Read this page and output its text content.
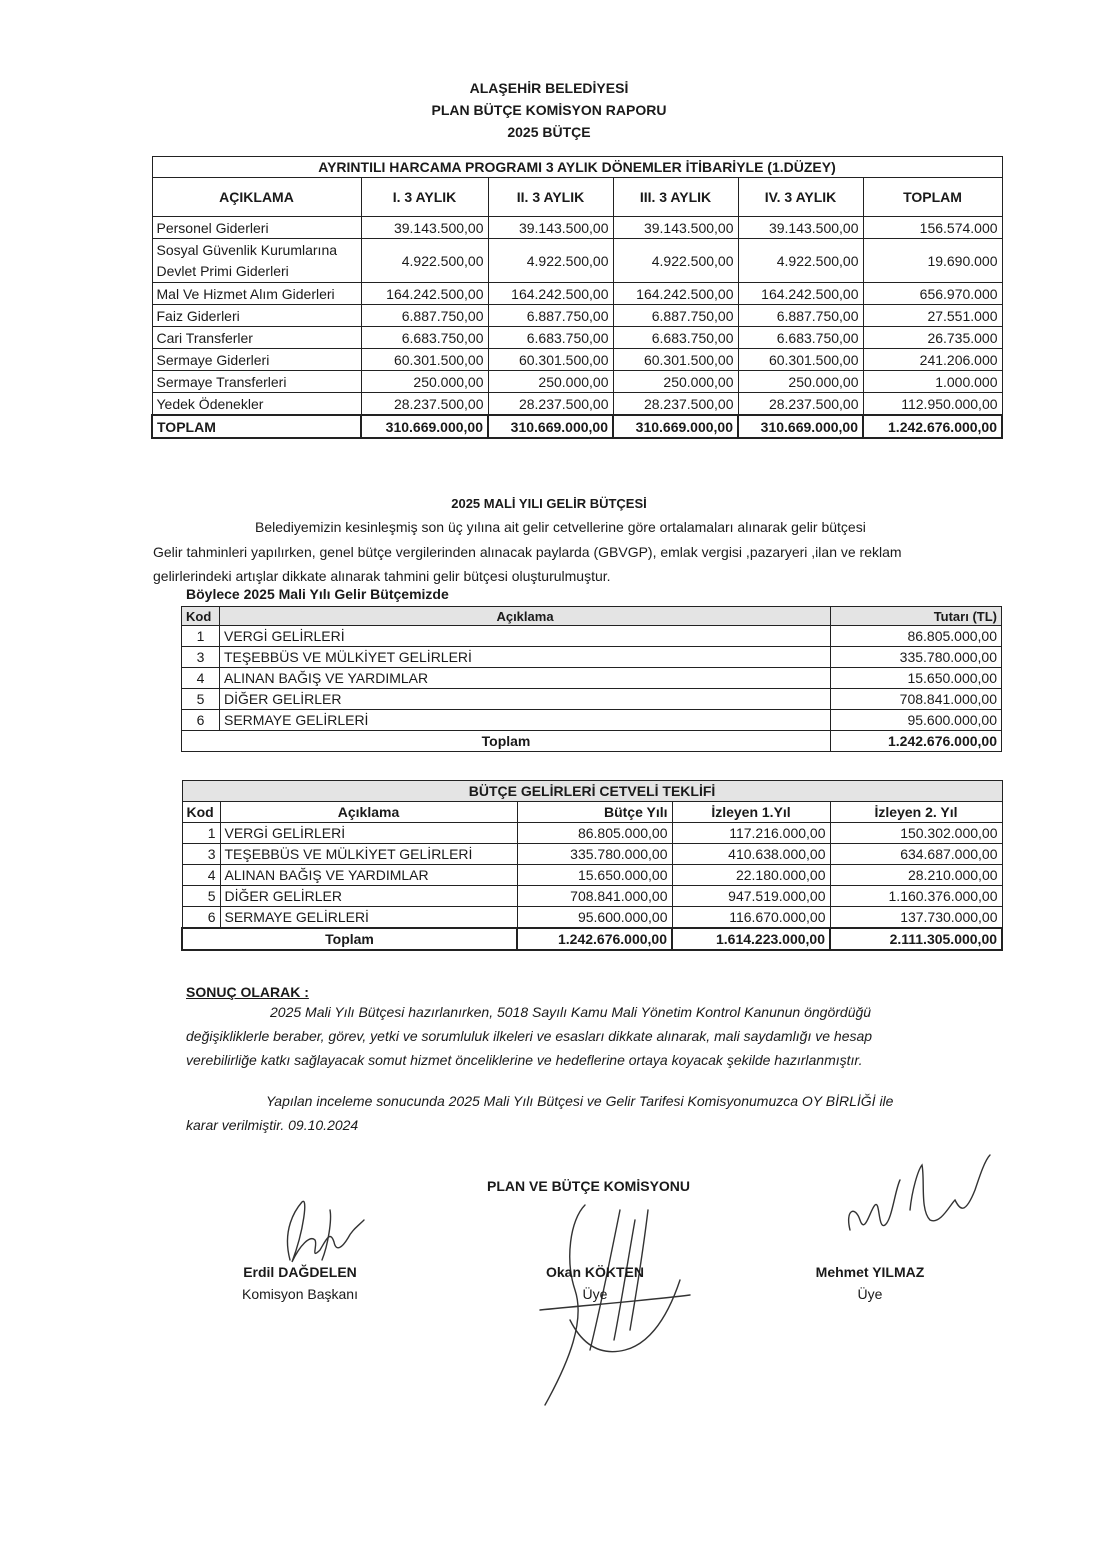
ALAŞEHİR BELEDİYESİ
PLAN BÜTÇE KOMİSYON RAPORU
2025 BÜTÇE
AYRINTILI HARCAMA PROGRAMI 3 AYLIK DÖNEMLER İTİBARİYLE (1.DÜZEY)					
AÇIKLAMA	I. 3 AYLIK	II. 3 AYLIK	III. 3 AYLIK	IV. 3 AYLIK	TOPLAM
Personel Giderleri	39.143.500,00	39.143.500,00	39.143.500,00	39.143.500,00	156.574.000
Sosyal Güvenlik Kurumlarına Devlet Primi Giderleri	4.922.500,00	4.922.500,00	4.922.500,00	4.922.500,00	19.690.000
Mal Ve Hizmet Alım Giderleri	164.242.500,00	164.242.500,00	164.242.500,00	164.242.500,00	656.970.000
Faiz Giderleri	6.887.750,00	6.887.750,00	6.887.750,00	6.887.750,00	27.551.000
Cari Transferler	6.683.750,00	6.683.750,00	6.683.750,00	6.683.750,00	26.735.000
Sermaye Giderleri	60.301.500,00	60.301.500,00	60.301.500,00	60.301.500,00	241.206.000
Sermaye Transferleri	250.000,00	250.000,00	250.000,00	250.000,00	1.000.000
Yedek Ödenekler	28.237.500,00	28.237.500,00	28.237.500,00	28.237.500,00	112.950.000,00
TOPLAM	310.669.000,00	310.669.000,00	310.669.000,00	310.669.000,00	1.242.676.000,00
2025 MALİ YILI GELİR BÜTÇESİ
Belediyemizin kesinleşmiş son üç yılına ait gelir cetvellerine göre ortalamaları alınarak gelir bütçesi
Gelir tahminleri yapılırken, genel bütçe vergilerinden alınacak paylarda (GBVGP), emlak vergisi ,pazaryeri ,ilan ve reklam
gelirlerindeki artışlar dikkate alınarak tahmini gelir bütçesi oluşturulmuştur.
Böylece 2025 Mali Yılı Gelir Bütçemizde
Kod	Açıklama	Tutarı (TL)
1	VERGİ GELİRLERİ	86.805.000,00
3	TEŞEBBÜS VE MÜLKİYET GELİRLERİ	335.780.000,00
4	ALINAN BAĞIŞ VE YARDIMLAR	15.650.000,00
5	DİĞER GELİRLER	708.841.000,00
6	SERMAYE GELİRLERİ	95.600.000,00
Toplam		1.242.676.000,00
BÜTÇE GELİRLERİ CETVELİ TEKLİFİ				
Kod	Açıklama	Bütçe Yılı	İzleyen 1.Yıl	İzleyen 2. Yıl
1	VERGİ GELİRLERİ	86.805.000,00	117.216.000,00	150.302.000,00
3	TEŞEBBÜS VE MÜLKİYET GELİRLERİ	335.780.000,00	410.638.000,00	634.687.000,00
4	ALINAN BAĞIŞ VE YARDIMLAR	15.650.000,00	22.180.000,00	28.210.000,00
5	DİĞER GELİRLER	708.841.000,00	947.519.000,00	1.160.376.000,00
6	SERMAYE GELİRLERİ	95.600.000,00	116.670.000,00	137.730.000,00
Toplam		1.242.676.000,00	1.614.223.000,00	2.111.305.000,00
SONUÇ OLARAK :
2025 Mali Yılı Bütçesi hazırlanırken, 5018 Sayılı Kamu Mali Yönetim Kontrol Kanunun öngördüğü
değişikliklerle beraber, görev, yetki ve sorumluluk ilkeleri ve esasları dikkate alınarak, mali saydamlığı ve hesap
verebilirliğe katkı sağlayacak somut hizmet önceliklerine ve hedeflerine ortaya koyacak şekilde hazırlanmıştır.
Yapılan inceleme sonucunda 2025 Mali Yılı Bütçesi ve Gelir Tarifesi Komisyonumuzca OY BİRLİĞİ ile
karar verilmiştir. 09.10.2024
PLAN VE BÜTÇE KOMİSYONU
Erdil DAĞDELEN
Komisyon Başkanı
Okan KÖKTEN
Üye
Mehmet YILMAZ
Üye
